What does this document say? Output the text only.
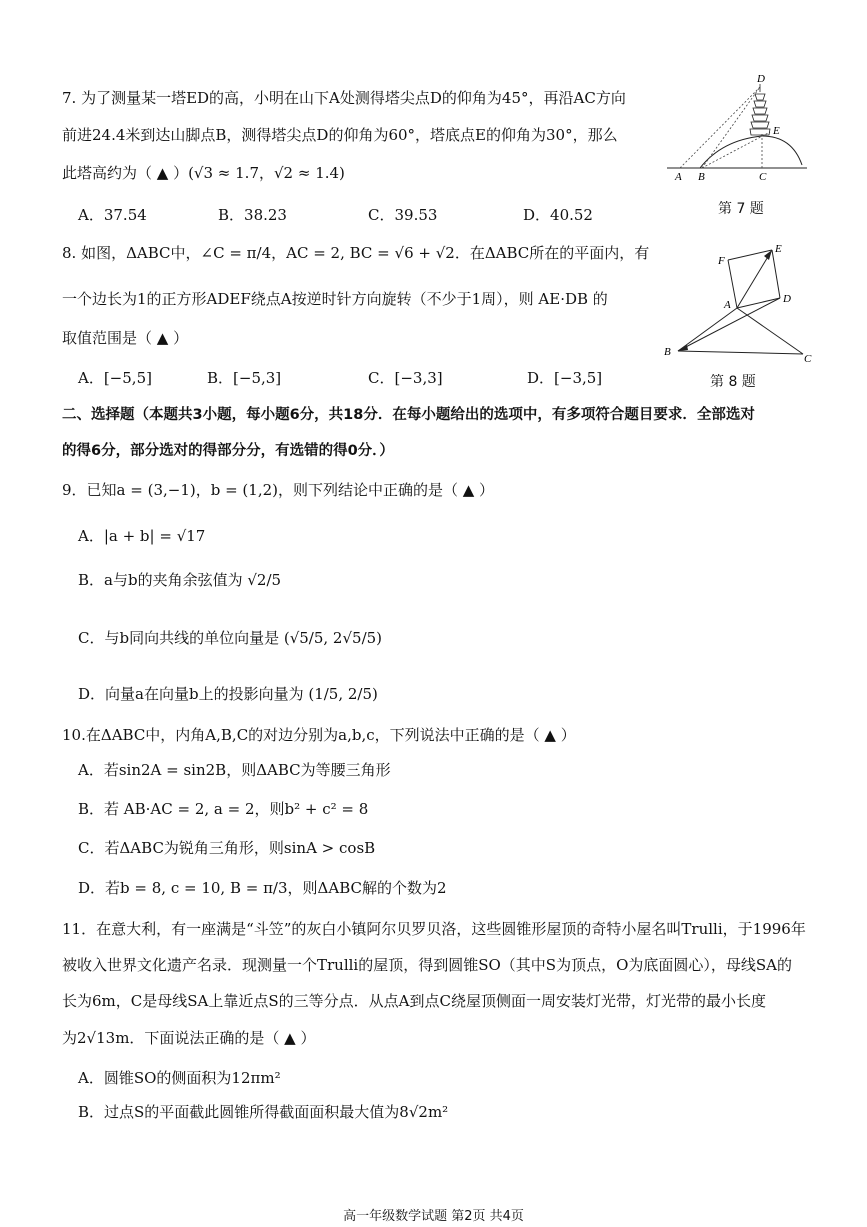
7. 为了测量某一塔ED的高，小明在山下A处测得塔尖点D的仰角为45°，再沿AC方向
前进24.4米到达山脚点B，测得塔尖点D的仰角为60°，塔底点E的仰角为30°，那么
此塔高约为（ ▲ ）(√3 ≈ 1.7，√2 ≈ 1.4)
A．37.54	B．38.23	C．39.53	D．40.52
D
E
A B	C
第 7 题
8. 如图，ΔABC中，∠C = π/4，AC = 2, BC = √6 + √2．在ΔABC所在的平面内，有
一个边长为1的正方形ADEF绕点A按逆时针方向旋转（不少于1周），则 AE·DB 的
取值范围是（ ▲ ）
A．[−5,5]	B．[−5,3]	C．[−3,3]	D．[−3,5]
E
F
A	D
B
C
第 8 题
二、选择题（本题共3小题，每小题6分，共18分．在每小题给出的选项中，有多项符合题目要求．全部选对
的得6分，部分选对的得部分分，有选错的得0分．）
9．已知a = (3,−1)，b = (1,2)，则下列结论中正确的是（ ▲ ）
A．|a + b| = √17
B．a与b的夹角余弦值为 √2/5
C．与b同向共线的单位向量是 (√5/5, 2√5/5)
D．向量a在向量b上的投影向量为 (1/5, 2/5)
10.在ΔABC中，内角A,B,C的对边分别为a,b,c，下列说法中正确的是（ ▲ ）
A．若sin2A = sin2B，则ΔABC为等腰三角形
B．若 AB·AC = 2, a = 2，则b² + c² = 8
C．若ΔABC为锐角三角形，则sinA > cosB
D．若b = 8, c = 10, B = π/3，则ΔABC解的个数为2
11．在意大利，有一座满是“斗笠”的灰白小镇阿尔贝罗贝洛，这些圆锥形屋顶的奇特小屋名叫Trulli，于1996年
被收入世界文化遗产名录．现测量一个Trulli的屋顶，得到圆锥SO（其中S为顶点，O为底面圆心），母线SA的
长为6m，C是母线SA上靠近点S的三等分点．从点A到点C绕屋顶侧面一周安装灯光带，灯光带的最小长度
为2√13m．下面说法正确的是（ ▲ ）
A．圆锥SO的侧面积为12πm²
B．过点S的平面截此圆锥所得截面面积最大值为8√2m²
高一年级数学试题 第2页 共4页
